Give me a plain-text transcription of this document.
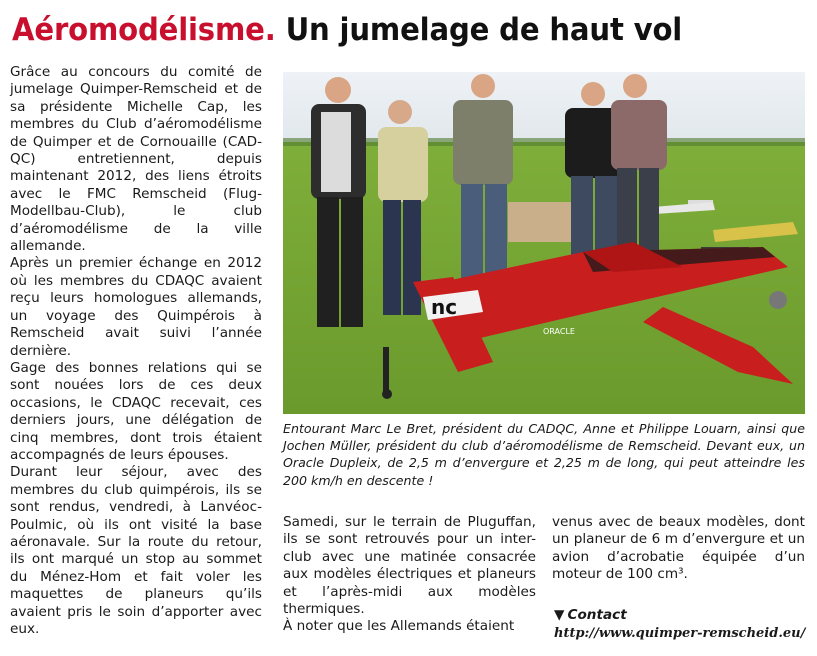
Aéromodélisme. Un jumelage de haut vol

Grâce au concours du comité de jumelage Quimper-Remscheid et de sa présidente Michelle Cap, les membres du Club d’aéromodélisme de Quimper et de Cornouaille (CAD-QC) entretiennent, depuis maintenant 2012, des liens étroits avec le FMC Remscheid (Flug-Modellbau-Club), le club d’aéromodélisme de la ville allemande.

Après un premier échange en 2012 où les membres du CDAQC avaient reçu leurs homologues allemands, un voyage des Quimpérois à Remscheid avait suivi l’année dernière.

Gage des bonnes relations qui se sont nouées lors de ces deux occasions, le CDAQC recevait, ces derniers jours, une délégation de cinq membres, dont trois étaient accompagnés de leurs épouses.

Durant leur séjour, avec des membres du club quimpérois, ils se sont rendus, vendredi, à Lanvéoc-Poulmic, où ils ont visité la base aéronavale. Sur la route du retour, ils ont marqué un stop au sommet du Ménez-Hom et fait voler les maquettes de planeurs qu’ils avaient pris le soin d’apporter avec eux.

nc
ORACLE
Entourant Marc Le Bret, président du CADQC, Anne et Philippe Louarn, ainsi que Jochen Müller, président du club d’aéromodélisme de Remscheid. Devant eux, un Oracle Dupleix, de 2,5 m d’envergure et 2,25 m de long, qui peut atteindre les 200 km/h en descente !

Samedi, sur le terrain de Pluguffan, ils se sont retrouvés pour un inter-club avec une matinée consacrée aux modèles électriques et planeurs et l’après-midi aux modèles thermiques.

À noter que les Allemands étaient

venus avec de beaux modèles, dont un planeur de 6 m d’envergure et un avion d’acrobatie équipée d’un moteur de 100 cm³.

▼ Contact
http://www.quimper-remscheid.eu/
